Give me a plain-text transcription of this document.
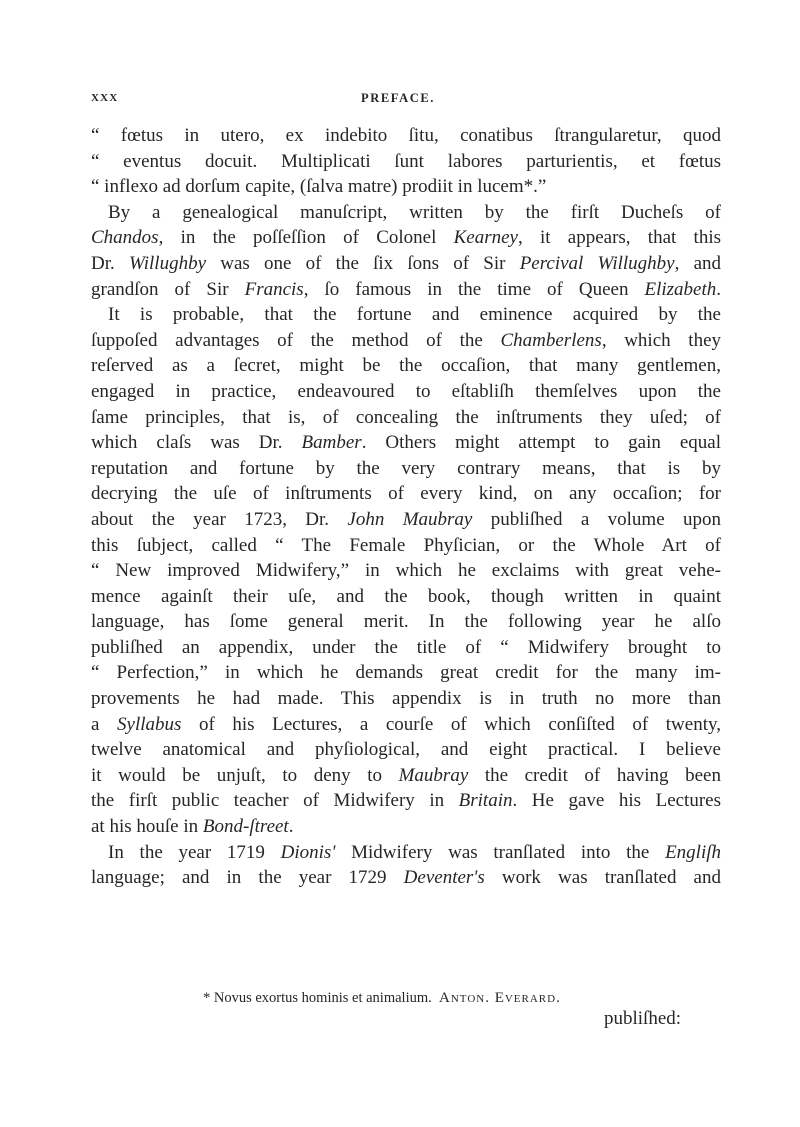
XXX	PREFACE.
“ fœtus in utero, ex indebito ſitu, conatibus ſtrangularetur, quod
“ eventus docuit. Multiplicati ſunt labores parturientis, et fœtus
“ inflexo ad dorſum capite, (ſalva matre) prodiit in lucem*.”
By a genealogical manuſcript, written by the firſt Ducheſs of
Chandos, in the poſſeſſion of Colonel Kearney, it appears, that this
Dr. Willughby was one of the ſix ſons of Sir Percival Willughby, and
grandſon of Sir Francis, ſo famous in the time of Queen Elizabeth.
It is probable, that the fortune and eminence acquired by the
ſuppoſed advantages of the method of the Chamberlens, which they
reſerved as a ſecret, might be the occaſion, that many gentlemen,
engaged in practice, endeavoured to eſtabliſh themſelves upon the
ſame principles, that is, of concealing the inſtruments they uſed; of
which claſs was Dr. Bamber. Others might attempt to gain equal
reputation and fortune by the very contrary means, that is by
decrying the uſe of inſtruments of every kind, on any occaſion; for
about the year 1723, Dr. John Maubray publiſhed a volume upon
this ſubject, called “ The Female Phyſician, or the Whole Art of
“ New improved Midwifery,” in which he exclaims with great vehe-
mence againſt their uſe, and the book, though written in quaint
language, has ſome general merit. In the following year he alſo
publiſhed an appendix, under the title of “ Midwifery brought to
“ Perfection,” in which he demands great credit for the many im-
provements he had made. This appendix is in truth no more than
a Syllabus of his Lectures, a courſe of which conſiſted of twenty,
twelve anatomical and phyſiological, and eight practical. I believe
it would be unjuſt, to deny to Maubray the credit of having been
the firſt public teacher of Midwifery in Britain. He gave his Lectures
at his houſe in Bond-ſtreet.
In the year 1719 Dionis' Midwifery was tranſlated into the Engliſh
language; and in the year 1729 Deventer's work was tranſlated and
* Novus exortus hominis et animalium. Anton. Everard.
publiſhed:
